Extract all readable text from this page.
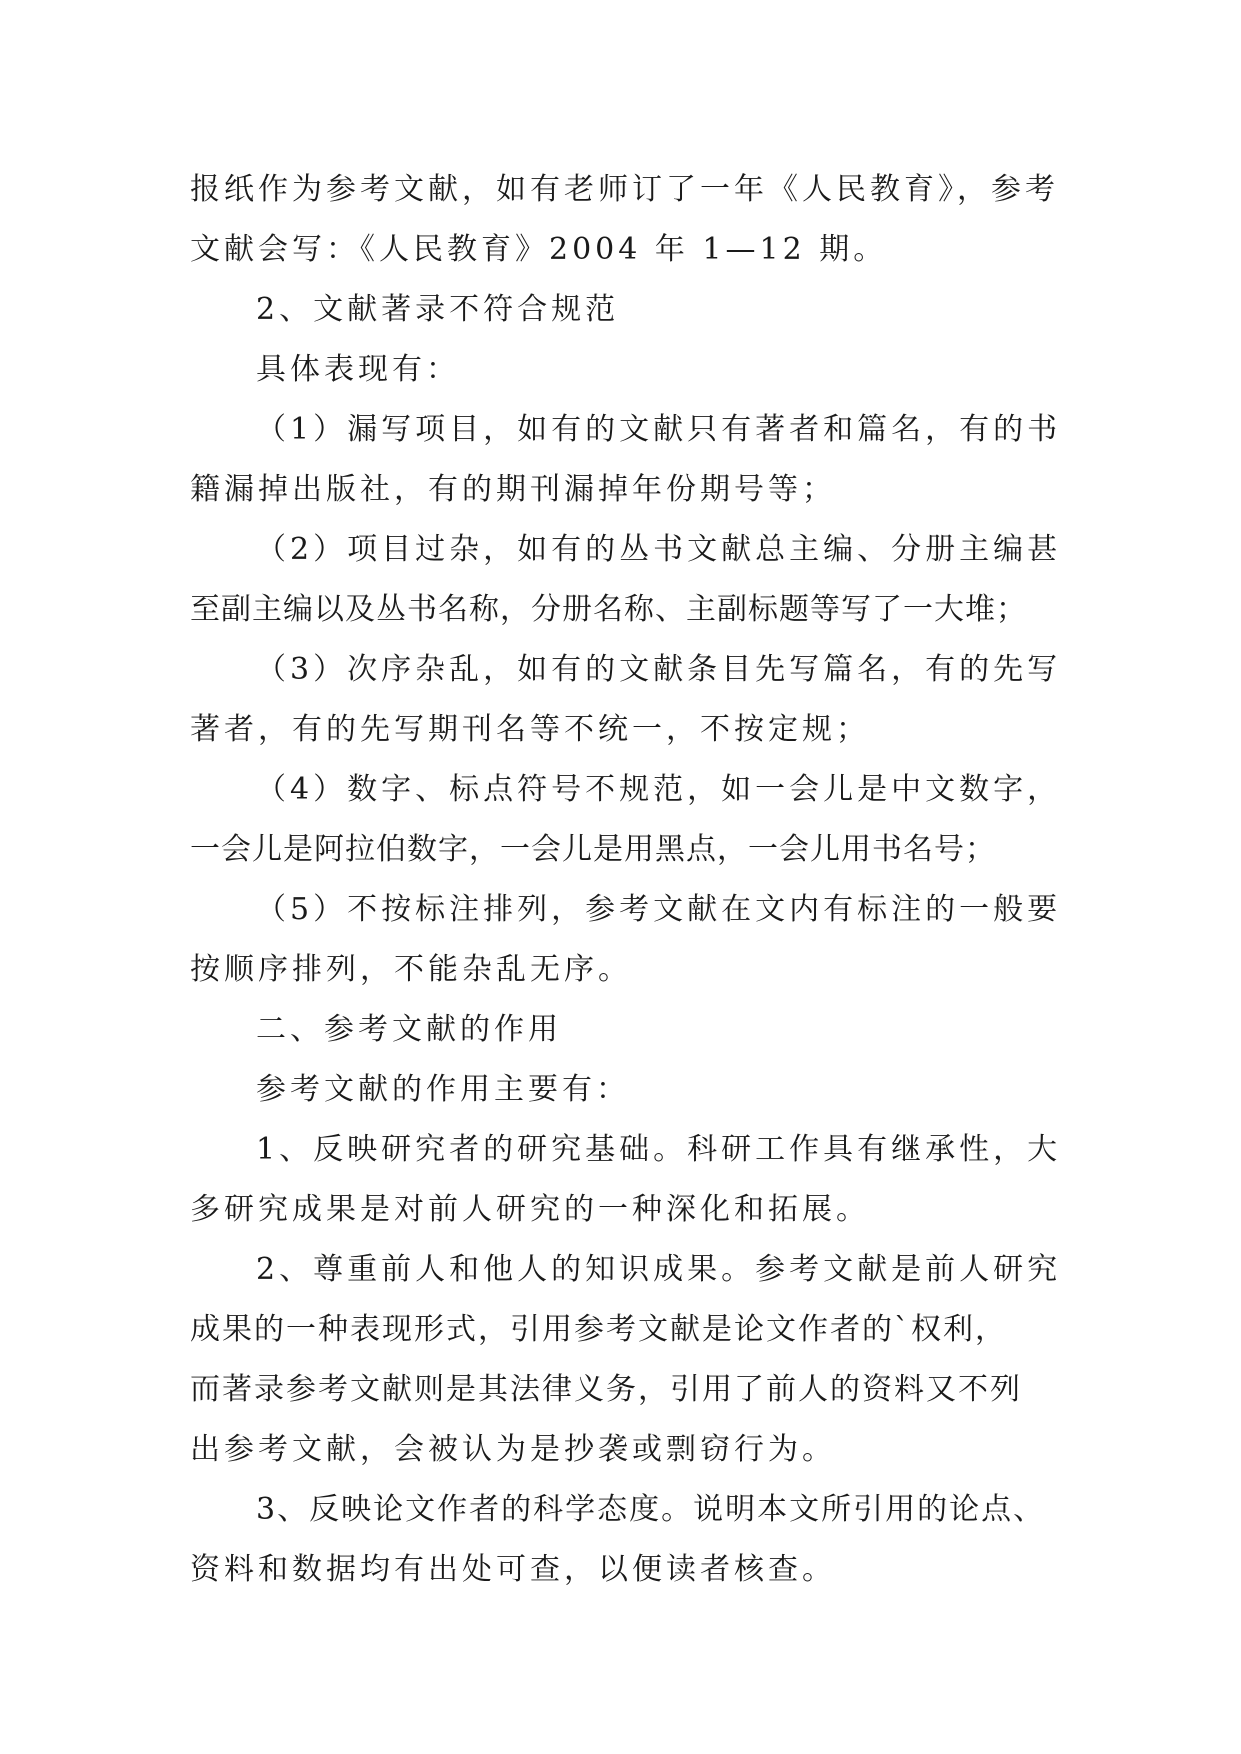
报纸作为参考文献，如有老师订了一年《人民教育》，参考
文献会写：《人民教育》2004 年 1—12 期。
2、文献著录不符合规范
具体表现有：
（1）漏写项目，如有的文献只有著者和篇名，有的书
籍漏掉出版社，有的期刊漏掉年份期号等；
（2）项目过杂，如有的丛书文献总主编、分册主编甚
至副主编以及丛书名称，分册名称、主副标题等写了一大堆；
（3）次序杂乱，如有的文献条目先写篇名，有的先写
著者，有的先写期刊名等不统一，不按定规；
（4）数字、标点符号不规范，如一会儿是中文数字，
一会儿是阿拉伯数字，一会儿是用黑点，一会儿用书名号；
（5）不按标注排列，参考文献在文内有标注的一般要
按顺序排列，不能杂乱无序。
二、参考文献的作用
参考文献的作用主要有：
1、反映研究者的研究基础。科研工作具有继承性，大
多研究成果是对前人研究的一种深化和拓展。
2、尊重前人和他人的知识成果。参考文献是前人研究
成果的一种表现形式，引用参考文献是论文作者的`权利，
而著录参考文献则是其法律义务，引用了前人的资料又不列
出参考文献，会被认为是抄袭或剽窃行为。
3、反映论文作者的科学态度。说明本文所引用的论点、
资料和数据均有出处可查，以便读者核查。
